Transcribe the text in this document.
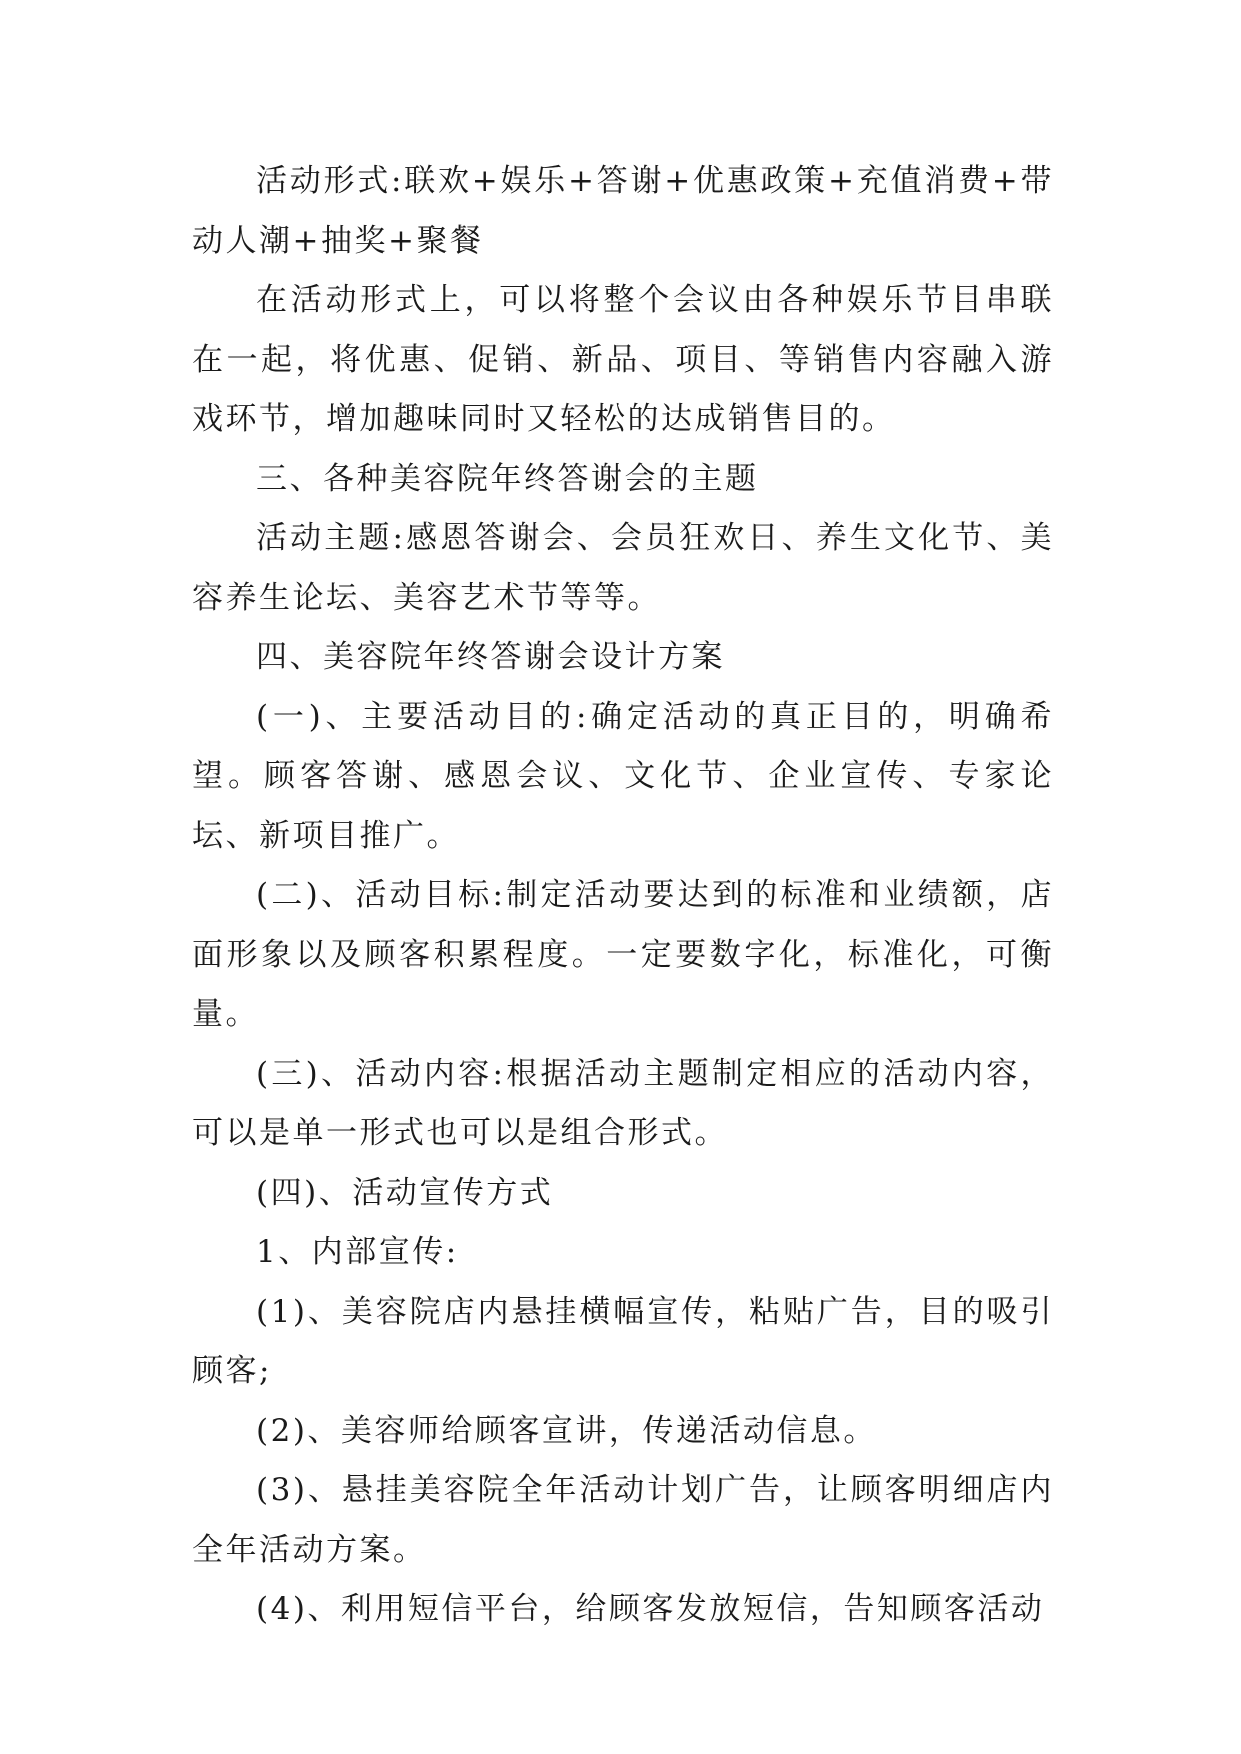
活动形式:联欢+娱乐+答谢+优惠政策+充值消费+带动人潮+抽奖+聚餐

在活动形式上，可以将整个会议由各种娱乐节目串联在一起，将优惠、促销、新品、项目、等销售内容融入游戏环节，增加趣味同时又轻松的达成销售目的。

三、各种美容院年终答谢会的主题

活动主题:感恩答谢会、会员狂欢日、养生文化节、美容养生论坛、美容艺术节等等。

四、美容院年终答谢会设计方案

(一)、主要活动目的:确定活动的真正目的，明确希望。顾客答谢、感恩会议、文化节、企业宣传、专家论坛、新项目推广。

(二)、活动目标:制定活动要达到的标准和业绩额，店面形象以及顾客积累程度。一定要数字化，标准化，可衡量。

(三)、活动内容:根据活动主题制定相应的活动内容，可以是单一形式也可以是组合形式。

(四)、活动宣传方式

1、内部宣传:

(1)、美容院店内悬挂横幅宣传，粘贴广告，目的吸引顾客;

(2)、美容师给顾客宣讲，传递活动信息。

(3)、悬挂美容院全年活动计划广告，让顾客明细店内全年活动方案。

(4)、利用短信平台，给顾客发放短信，告知顾客活动
